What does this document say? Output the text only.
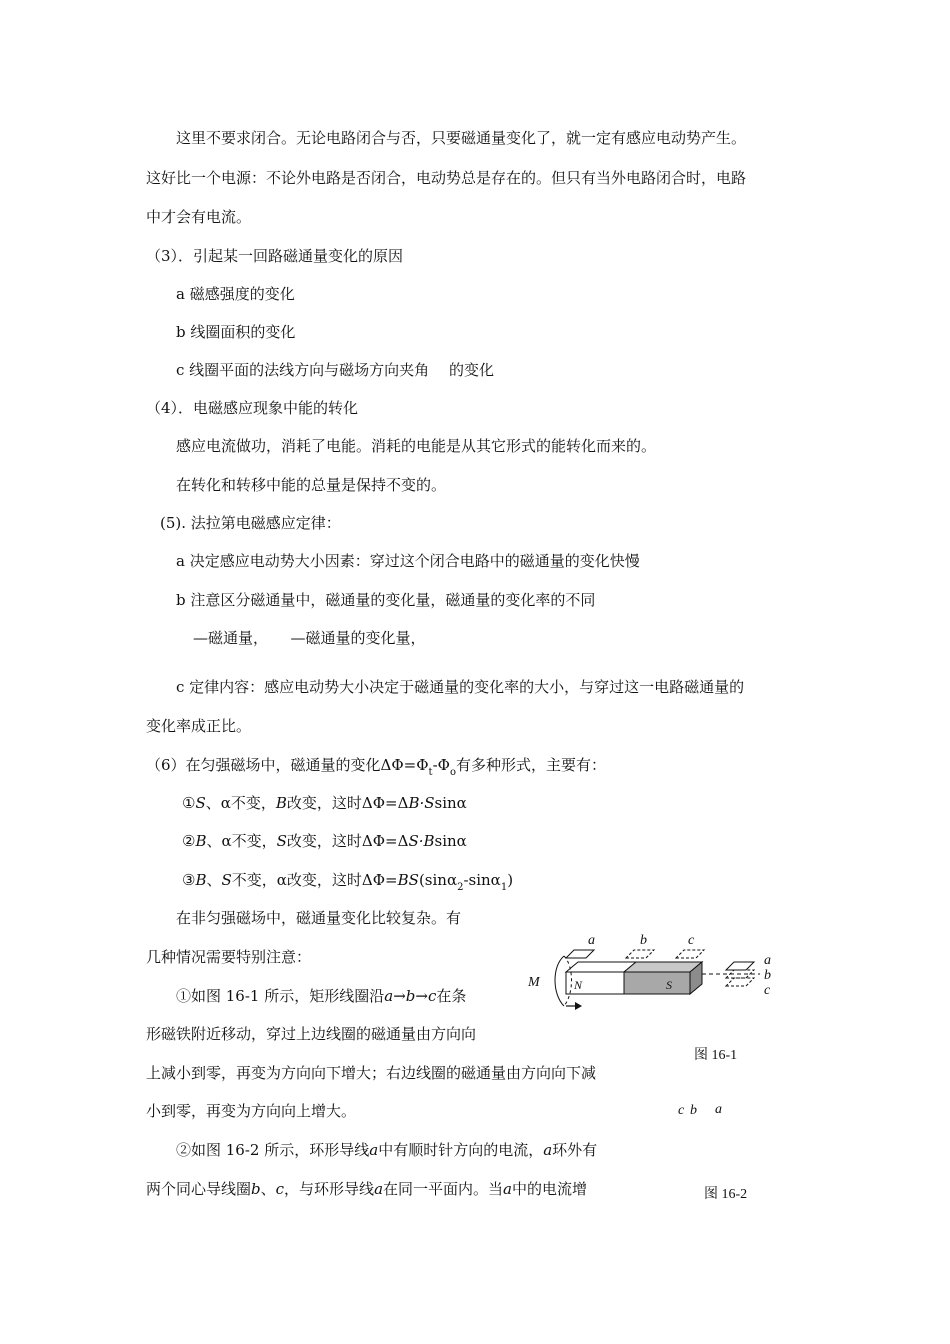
这里不要求闭合。无论电路闭合与否，只要磁通量变化了，就一定有感应电动势产生。
这好比一个电源：不论外电路是否闭合，电动势总是存在的。但只有当外电路闭合时，电路
中才会有电流。
（3）．引起某一回路磁通量变化的原因
a 磁感强度的变化
b 线圈面积的变化
c 线圈平面的法线方向与磁场方向夹角　 的变化
（4）．电磁感应现象中能的转化
感应电流做功，消耗了电能。消耗的电能是从其它形式的能转化而来的。
在转化和转移中能的总量是保持不变的。
(5). 法拉第电磁感应定律：
a 决定感应电动势大小因素：穿过这个闭合电路中的磁通量的变化快慢
b 注意区分磁通量中，磁通量的变化量，磁通量的变化率的不同
—磁通量，　　—磁通量的变化量，
c 定律内容：感应电动势大小决定于磁通量的变化率的大小，与穿过这一电路磁通量的
变化率成正比。
（6）在匀强磁场中，磁通量的变化$\Delta\Phi=\Phi_t-\Phi_o$有多种形式，主要有：
①S、α不变，B改变，这时ΔΦ=ΔB·Ssinα
②B、α不变，S改变，这时ΔΦ=ΔS·Bsinα
③B、S不变，α改变，这时ΔΦ=BS(sinα$_2$-sinα$_1$)
在非匀强磁场中，磁通量变化比较复杂。有
几种情况需要特别注意：
①如图 16-1 所示，矩形线圈沿a→b→c在条
形磁铁附近移动，穿过上边线圈的磁通量由方向向
上减小到零，再变为方向向下增大；右边线圈的磁通量由方向向下减
小到零，再变为方向向上增大。
②如图 16-2 所示，环形导线a中有顺时针方向的电流，a环外有
两个同心导线圈b、c，与环形导线a在同一平面内。当a中的电流增
a	b	c
M	N	S
a
b
c
图 16-1
c b a
图 16-2
